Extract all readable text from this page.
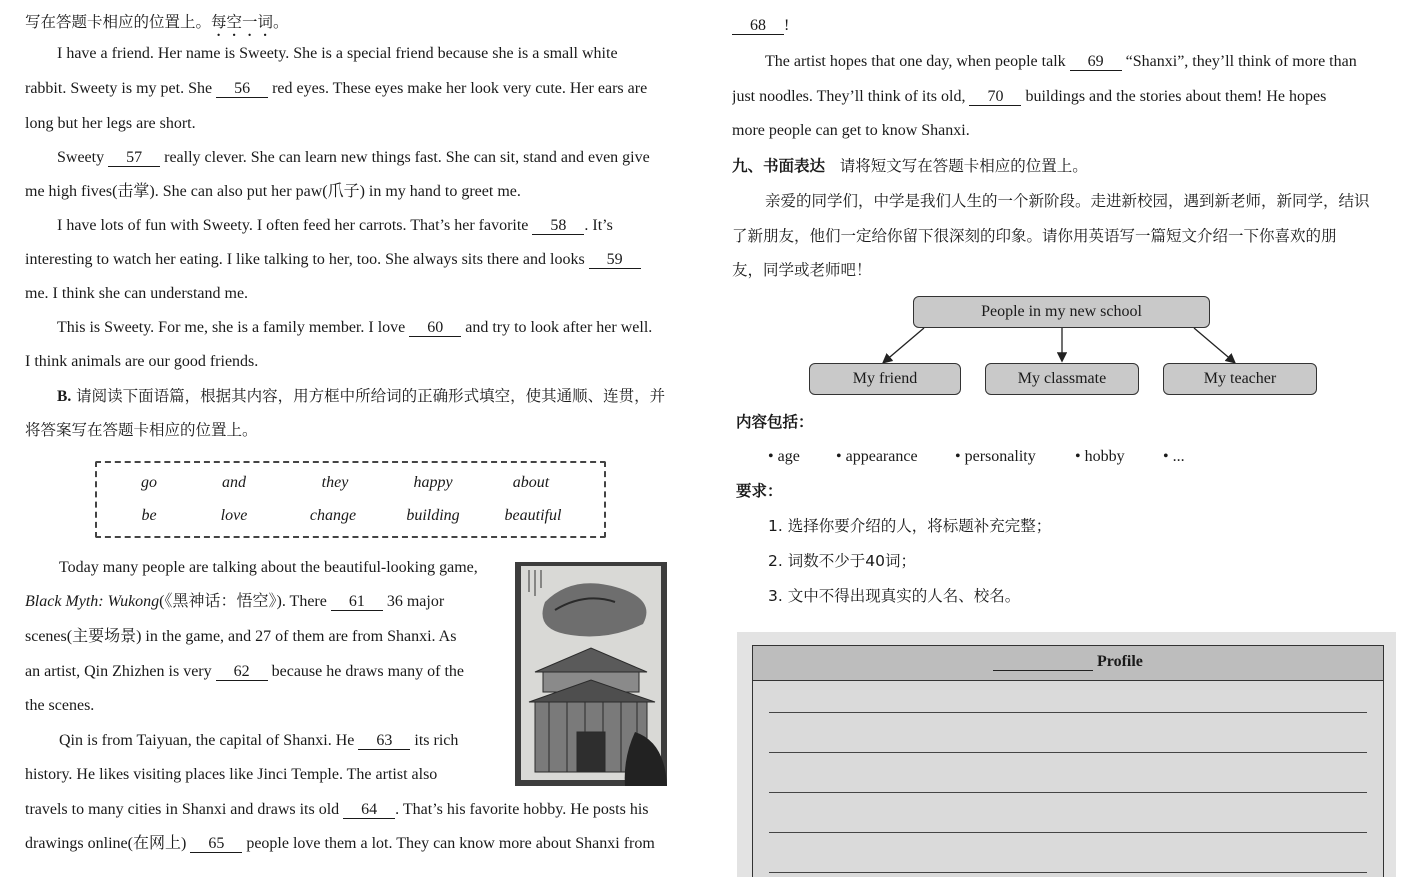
写在答题卡相应的位置上。每空一词。
I have a friend. Her name is Sweety. She is a special friend because she is a small white
rabbit. Sweety is my pet. She 56 red eyes. These eyes make her look very cute. Her ears are
long but her legs are short.
Sweety 57 really clever. She can learn new things fast. She can sit, stand and even give
me high fives(击掌). She can also put her paw(爪子) in my hand to greet me.
I have lots of fun with Sweety. I often feed her carrots. That’s her favorite 58 . It’s
interesting to watch her eating. I like talking to her, too. She always sits there and looks 59
me. I think she can understand me.
This is Sweety. For me, she is a family member. I love 60 and try to look after her well.
I think animals are our good friends.
B. 请阅读下面语篇，根据其内容，用方框中所给词的正确形式填空，使其通顺、连贯，并
将答案写在答题卡相应的位置上。
go	and	they	happy	about
be	love	change	building	beautiful
Today many people are talking about the beautiful-looking game,
Black Myth: Wukong(《黑神话：悟空》). There 61 36 major
scenes(主要场景) in the game, and 27 of them are from Shanxi. As
an artist, Qin Zhizhen is very 62 because he draws many of the
the scenes.
Qin is from Taiyuan, the capital of Shanxi. He 63 its rich
history. He likes visiting places like Jinci Temple. The artist also
travels to many cities in Shanxi and draws its old 64 . That’s his favorite hobby. He posts his
drawings online(在网上) 65 people love them a lot. They can know more about Shanxi from
68 !
The artist hopes that one day, when people talk 69 “Shanxi”, they’ll think of more than
just noodles. They’ll think of its old, 70 buildings and the stories about them! He hopes
more people can get to know Shanxi.
九、书面表达 请将短文写在答题卡相应的位置上。
亲爱的同学们，中学是我们人生的一个新阶段。走进新校园，遇到新老师，新同学，结识
了新朋友，他们一定给你留下很深刻的印象。请你用英语写一篇短文介绍一下你喜欢的朋
友，同学或老师吧！
People in my new school
My friend	My classmate	My teacher
内容包括：
• age • appearance • personality • hobby • ...
要求：
1. 选择你要介绍的人，将标题补充完整；
2. 词数不少于40词；
3. 文中不得出现真实的人名、校名。
Profile
